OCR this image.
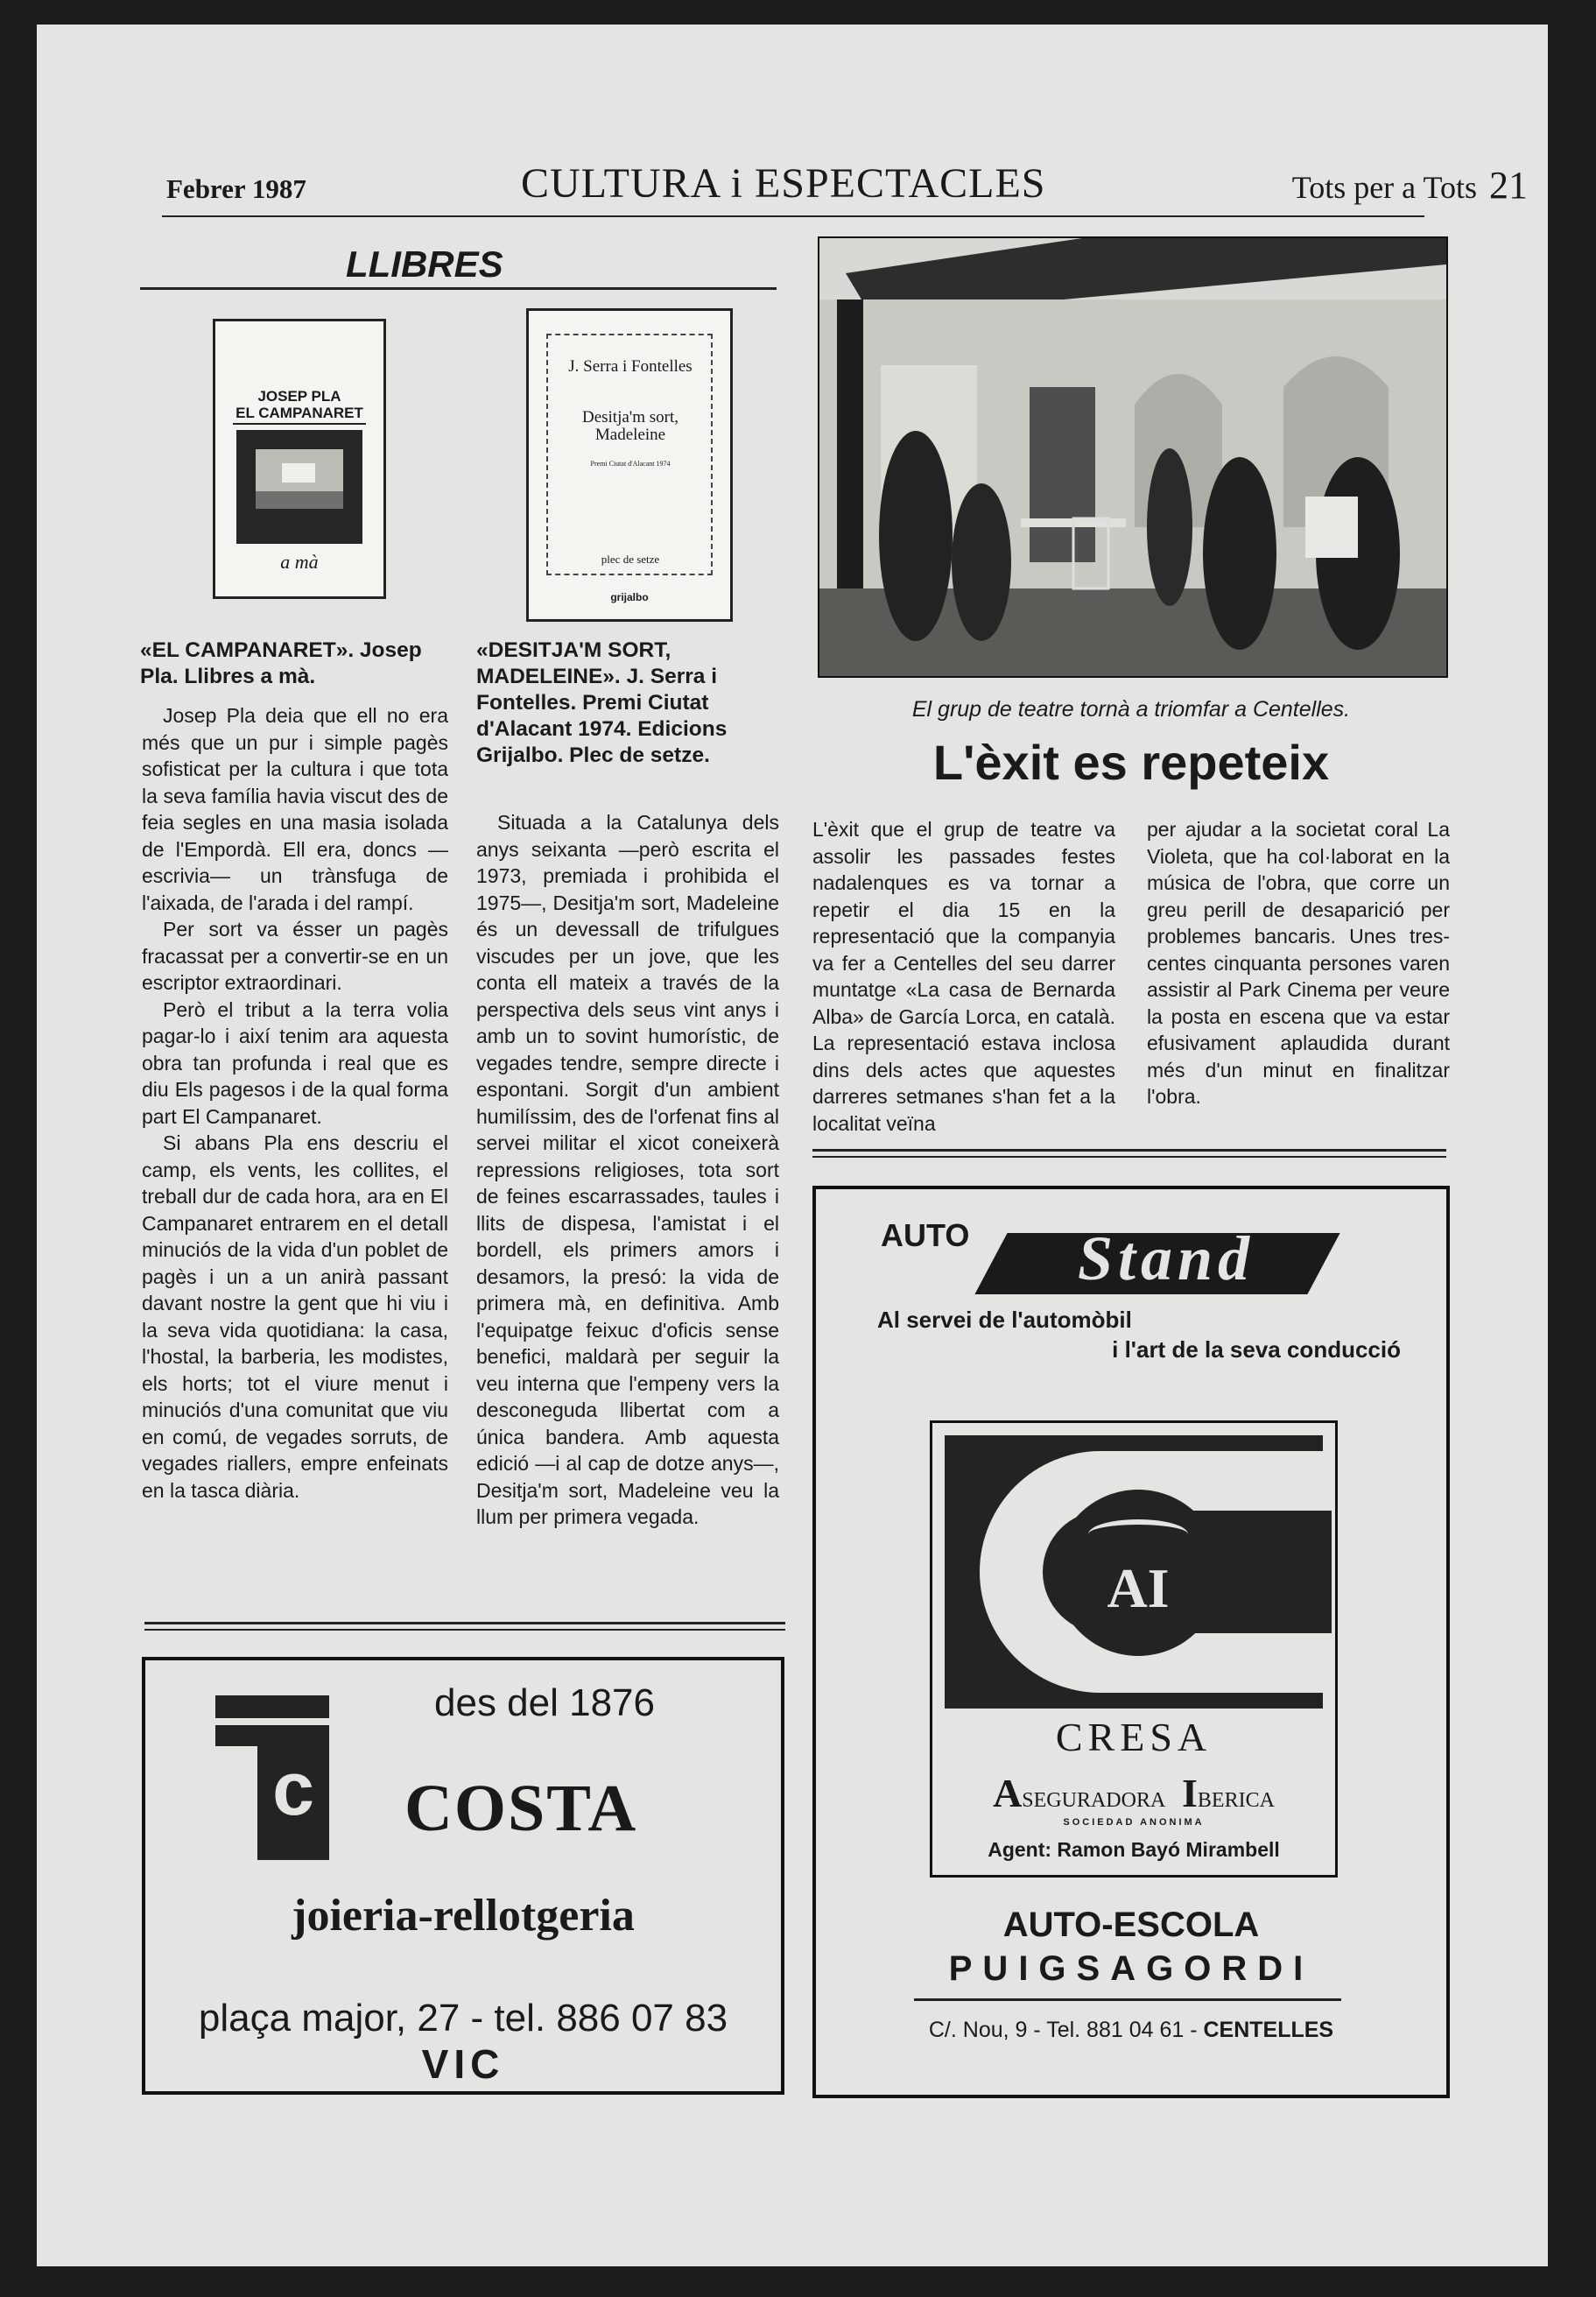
Febrer 1987	CULTURA i ESPECTACLES	Tots per a Tots 21
LLIBRES
JOSEP PLA
EL CAMPANARET
a mà
J. Serra i Fontelles
Desitja'm sort, Madeleine
Premi Ciutat d'Alacant 1974
plec de setze
grijalbo
«EL CAMPANARET». Josep Pla. Llibres a mà.

Josep Pla deia que ell no era més que un pur i simple pagès sofisticat per la cultura i que tota la seva família havia viscut des de feia segles en una masia isolada de l'Empordà. Ell era, doncs —escrivia— un trànsfuga de l'aixada, de l'arada i del rampí.

Per sort va ésser un pagès fracassat per a convertir-se en un escriptor extraordinari.

Però el tribut a la terra volia pagar-lo i així tenim ara aquesta obra tan profunda i real que es diu Els pagesos i de la qual forma part El Campanaret.

Si abans Pla ens descriu el camp, els vents, les collites, el treball dur de cada hora, ara en El Campanaret entrarem en el detall minuciós de la vida d'un poblet de pagès i un a un anirà passant davant nostre la gent que hi viu i la seva vida quotidiana: la casa, l'hostal, la barberia, les modistes, els horts; tot el viure menut i minuciós d'una comunitat que viu en comú, de vegades sorruts, de vegades riallers, empre enfeinats en la tasca diària.

«DESITJA'M SORT, MADELEINE». J. Serra i Fontelles. Premi Ciutat d'Alacant 1974. Edicions Grijalbo. Plec de setze.

Situada a la Catalunya dels anys seixanta —però escrita el 1973, premiada i prohibida el 1975—, Desitja'm sort, Madeleine és un devessall de trifulgues viscudes per un jove, que les conta ell mateix a través de la perspectiva dels seus vint anys i amb un to sovint humorístic, de vegades tendre, sempre directe i espontani. Sorgit d'un ambient humilíssim, des de l'orfenat fins al servei militar el xicot coneixerà repressions religioses, tota sort de feines escarrassades, taules i llits de dispesa, l'amistat i el bordell, els primers amors i desamors, la presó: la vida de primera mà, en definitiva. Amb l'equipatge feixuc d'oficis sense benefici, maldarà per seguir la veu interna que l'empeny vers la desconeguda llibertat com a única bandera. Amb aquesta edició —i al cap de dotze anys—, Desitja'm sort, Madeleine veu la llum per primera vegada.

El grup de teatre tornà a triomfar a Centelles.
L'èxit es repeteix

L'èxit que el grup de teatre va assolir les passades festes nadalenques es va tornar a repetir el dia 15 en la representació que la companyia va fer a Centelles del seu darrer muntatge «La casa de Bernarda Alba» de García Lorca, en català. La representació estava inclosa dins dels actes que aquestes darreres setmanes s'han fet a la localitat veïna

per ajudar a la societat coral La Violeta, que ha col·laborat en la música de l'obra, que corre un greu perill de desaparició per problemes bancaris. Unes tres-centes cinquanta persones varen assistir al Park Cinema per veure la posta en escena que va estar efusivament aplaudida durant més d'un minut en finalitzar l'obra.

c
des del 1876
COSTA
joieria-rellotgeria
plaça major, 27 - tel. 886 07 83
VIC
AUTO	Stand
Al servei de l'automòbil
i l'art de la seva conducció
AI
CRESA
ASEGURADORA IBERICA
SOCIEDAD ANONIMA
Agent: Ramon Bayó Mirambell
AUTO-ESCOLA
PUIGSAGORDI
C/. Nou, 9 - Tel. 881 04 61 - CENTELLES
